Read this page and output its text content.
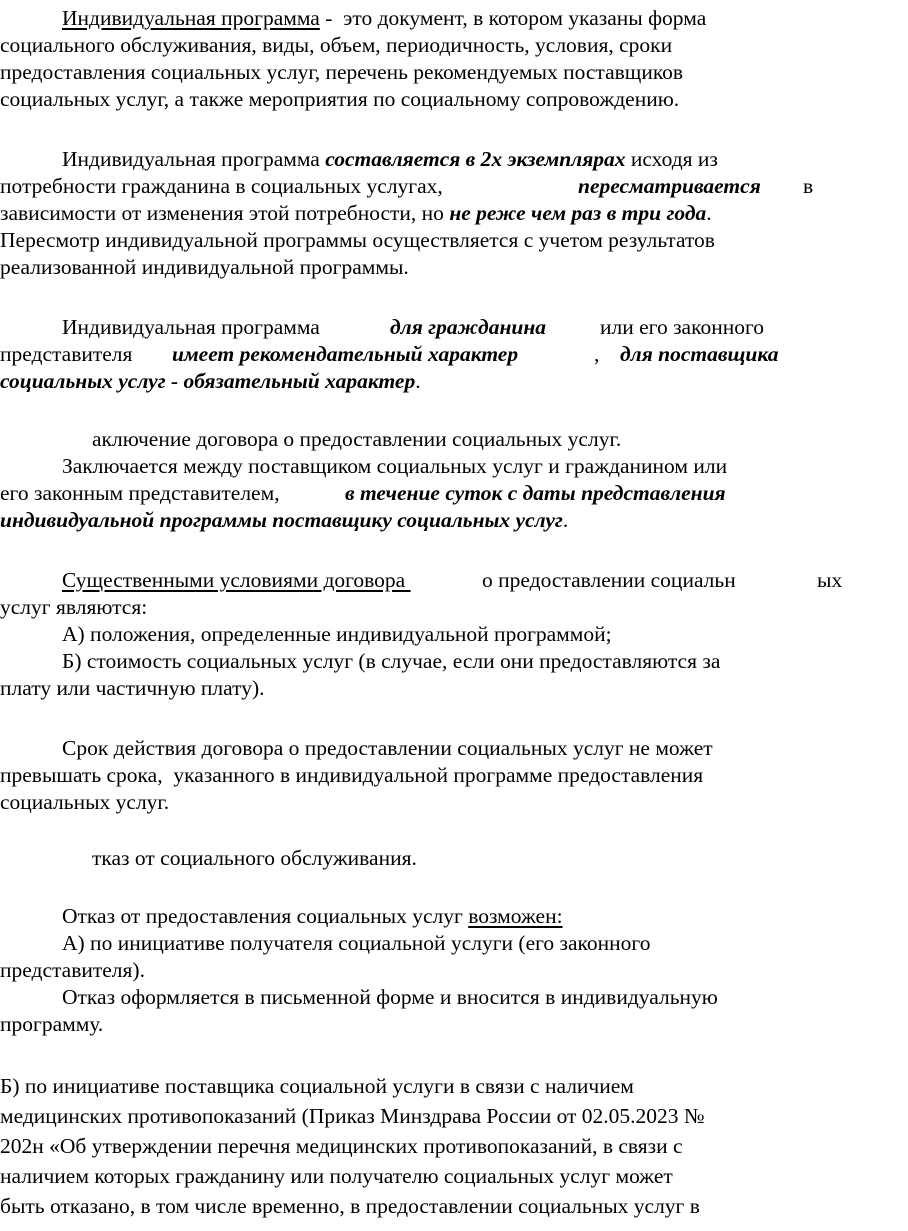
Индивидуальная программа -  это документ, в котором указаны форма
социального обслуживания, виды, объем, периодичность, условия, сроки
предоставления социальных услуг, перечень рекомендуемых поставщиков
социальных услуг, а также мероприятия по социальному сопровождению.
Индивидуальная программа составляется в 2х экземплярах исходя из
потребности гражданина в социальных услугах,	пересматривается в
зависимости от изменения этой потребности, но не реже чем раз в три года.
Пересмотр индивидуальной программы осуществляется с учетом результатов
реализованной индивидуальной программы.
Индивидуальная программа	для гражданина	или его законного
представителя имеет рекомендательный характер	, для поставщика
социальных услуг - обязательный характер.
аключение договора о предоставлении социальных услуг.
Заключается между поставщиком социальных услуг и гражданином или
его законным представителем,	в течение суток с даты представления
индивидуальной программы поставщику социальных услуг.
Существенными условиями договора	о предоставлении социальн	ых
услуг являются:
А) положения, определенные индивидуальной программой;
Б) стоимость социальных услуг (в случае, если они предоставляются за
плату или частичную плату).
Срок действия договора о предоставлении социальных услуг не может
превышать срока,  указанного в индивидуальной программе предоставления
социальных услуг.
тказ от социального обслуживания.
Отказ от предоставления социальных услуг возможен:
А) по инициативе получателя социальной услуги (его законного
представителя).
Отказ оформляется в письменной форме и вносится в индивидуальную
программу.
Б) по инициативе поставщика социальной услуги в связи с наличием
медицинских противопоказаний (Приказ Минздрава России от 02.05.2023 №
202н «Об утверждении перечня медицинских противопоказаний, в связи с
наличием которых гражданину или получателю социальных услуг может
быть отказано, в том числе временно, в предоставлении социальных услуг в
